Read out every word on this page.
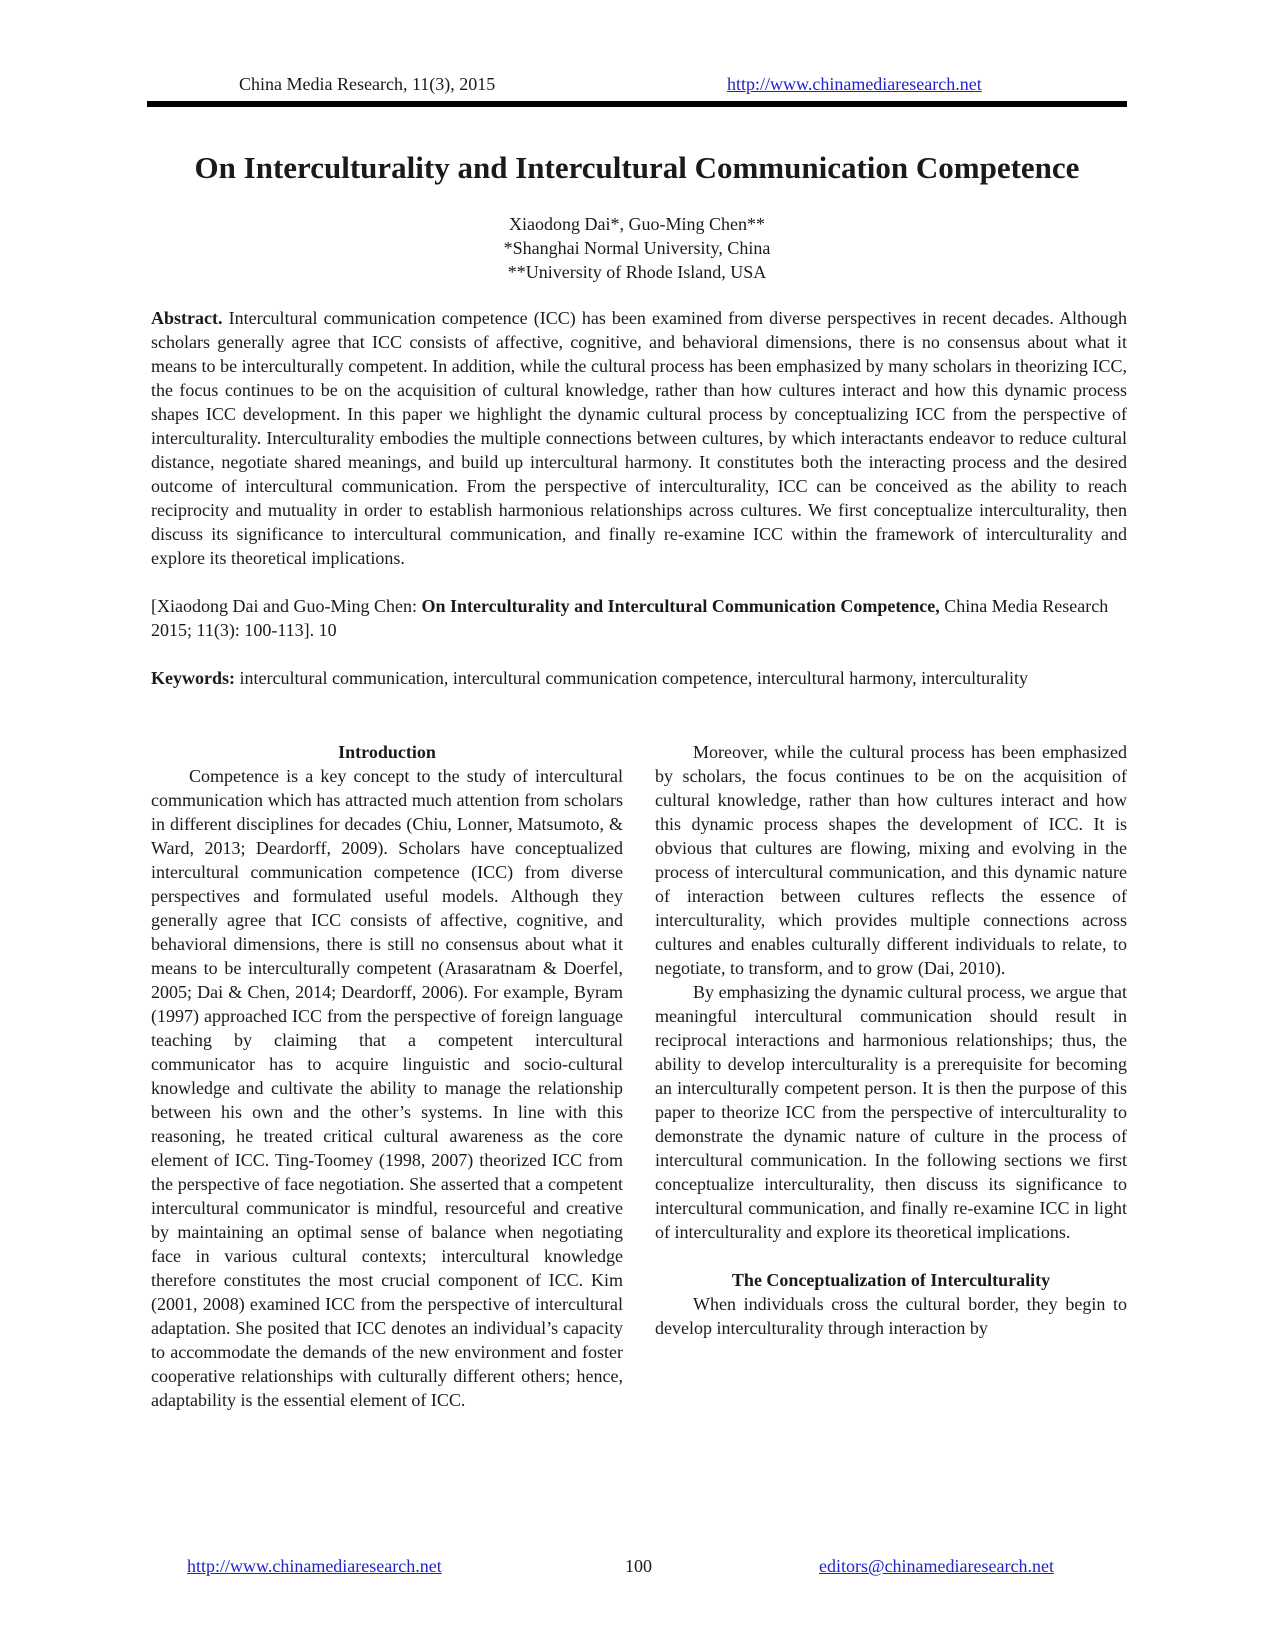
China Media Research, 11(3), 2015	http://www.chinamediaresearch.net
On Interculturality and Intercultural Communication Competence
Xiaodong Dai*, Guo-Ming Chen**
*Shanghai Normal University, China
**University of Rhode Island, USA

Abstract. Intercultural communication competence (ICC) has been examined from diverse perspectives in recent decades. Although scholars generally agree that ICC consists of affective, cognitive, and behavioral dimensions, there is no consensus about what it means to be interculturally competent. In addition, while the cultural process has been emphasized by many scholars in theorizing ICC, the focus continues to be on the acquisition of cultural knowledge, rather than how cultures interact and how this dynamic process shapes ICC development. In this paper we highlight the dynamic cultural process by conceptualizing ICC from the perspective of interculturality. Interculturality embodies the multiple connections between cultures, by which interactants endeavor to reduce cultural distance, negotiate shared meanings, and build up intercultural harmony. It constitutes both the interacting process and the desired outcome of intercultural communication. From the perspective of interculturality, ICC can be conceived as the ability to reach reciprocity and mutuality in order to establish harmonious relationships across cultures. We first conceptualize interculturality, then discuss its significance to intercultural communication, and finally re-examine ICC within the framework of interculturality and explore its theoretical implications.

[Xiaodong Dai and Guo-Ming Chen: On Interculturality and Intercultural Communication Competence, China Media Research 2015; 11(3): 100-113]. 10

Keywords: intercultural communication, intercultural communication competence, intercultural harmony, interculturality

Introduction

Competence is a key concept to the study of intercultural communication which has attracted much attention from scholars in different disciplines for decades (Chiu, Lonner, Matsumoto, & Ward, 2013; Deardorff, 2009). Scholars have conceptualized intercultural communication competence (ICC) from diverse perspectives and formulated useful models. Although they generally agree that ICC consists of affective, cognitive, and behavioral dimensions, there is still no consensus about what it means to be interculturally competent (Arasaratnam & Doerfel, 2005; Dai & Chen, 2014; Deardorff, 2006). For example, Byram (1997) approached ICC from the perspective of foreign language teaching by claiming that a competent intercultural communicator has to acquire linguistic and socio-cultural knowledge and cultivate the ability to manage the relationship between his own and the other’s systems. In line with this reasoning, he treated critical cultural awareness as the core element of ICC. Ting-Toomey (1998, 2007) theorized ICC from the perspective of face negotiation. She asserted that a competent intercultural communicator is mindful, resourceful and creative by maintaining an optimal sense of balance when negotiating face in various cultural contexts; intercultural knowledge therefore constitutes the most crucial component of ICC. Kim (2001, 2008) examined ICC from the perspective of intercultural adaptation. She posited that ICC denotes an individual’s capacity to accommodate the demands of the new environment and foster cooperative relationships with culturally different others; hence, adaptability is the essential element of ICC.

Moreover, while the cultural process has been emphasized by scholars, the focus continues to be on the acquisition of cultural knowledge, rather than how cultures interact and how this dynamic process shapes the development of ICC. It is obvious that cultures are flowing, mixing and evolving in the process of intercultural communication, and this dynamic nature of interaction between cultures reflects the essence of interculturality, which provides multiple connections across cultures and enables culturally different individuals to relate, to negotiate, to transform, and to grow (Dai, 2010).

By emphasizing the dynamic cultural process, we argue that meaningful intercultural communication should result in reciprocal interactions and harmonious relationships; thus, the ability to develop interculturality is a prerequisite for becoming an interculturally competent person. It is then the purpose of this paper to theorize ICC from the perspective of interculturality to demonstrate the dynamic nature of culture in the process of intercultural communication. In the following sections we first conceptualize interculturality, then discuss its significance to intercultural communication, and finally re-examine ICC in light of interculturality and explore its theoretical implications.

The Conceptualization of Interculturality

When individuals cross the cultural border, they begin to develop interculturality through interaction by

http://www.chinamediaresearch.net	100	editors@chinamediaresearch.net
